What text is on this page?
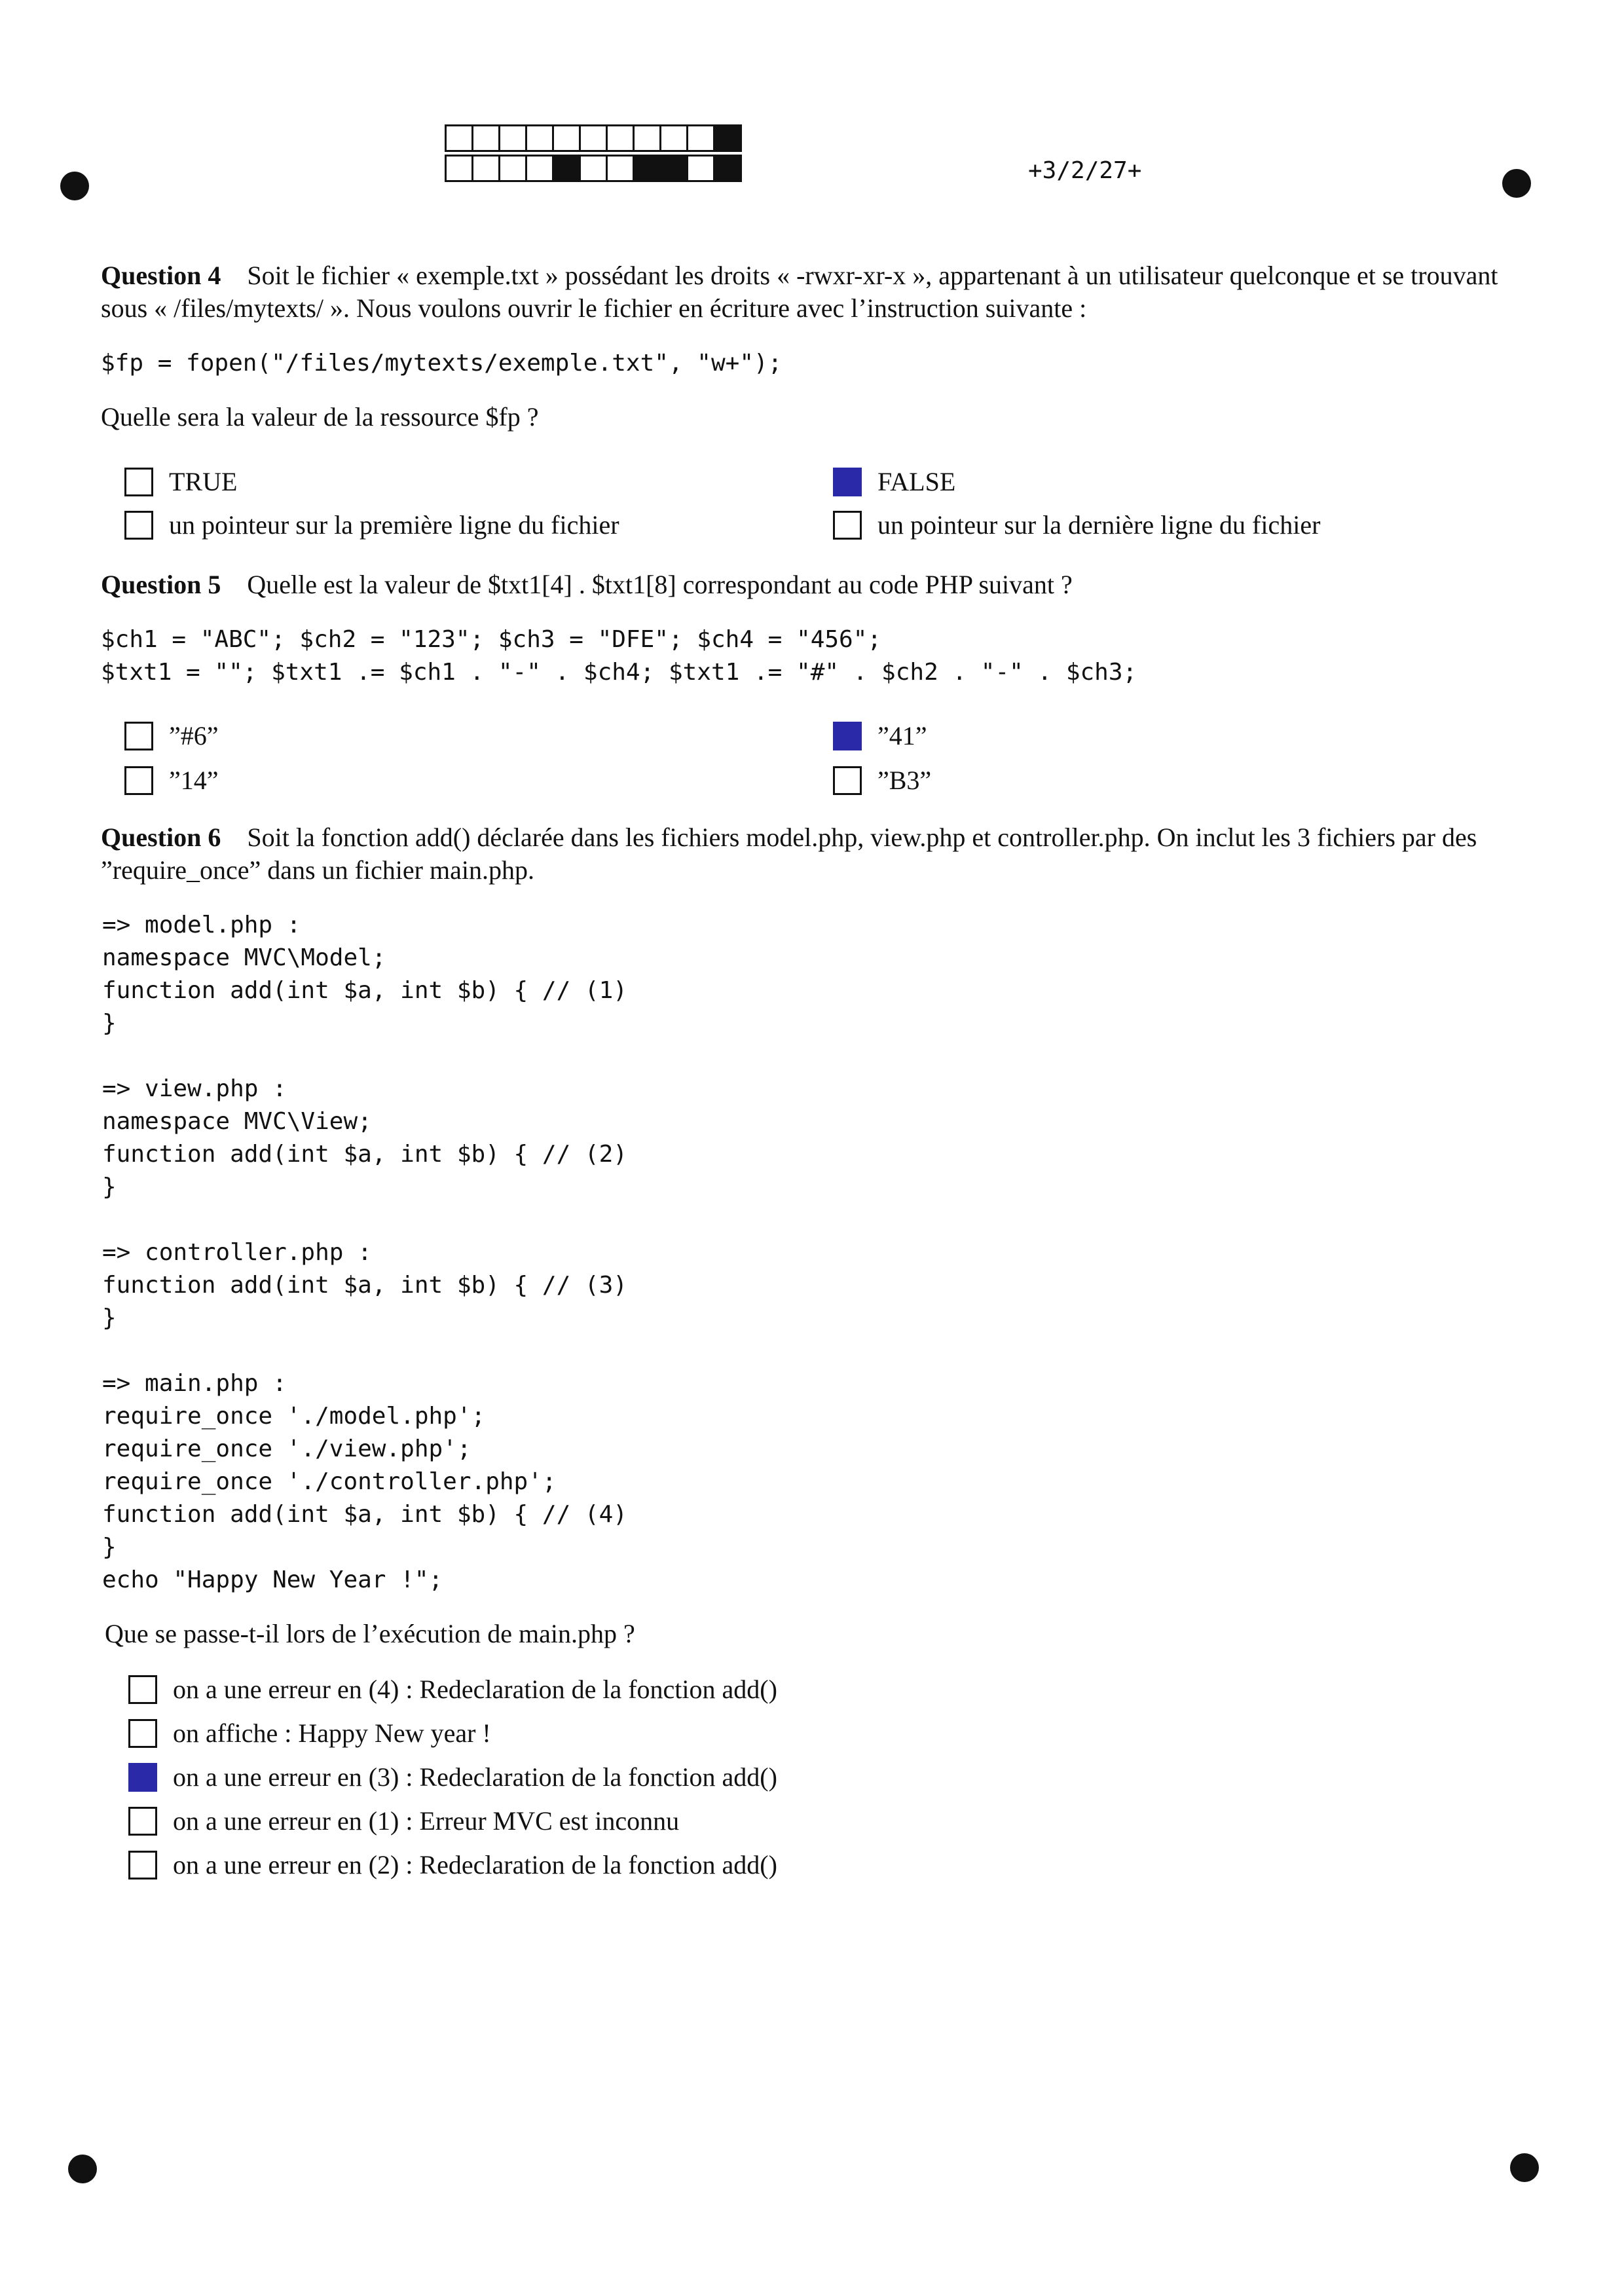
+3/2/27+
Question 4 Soit le fichier « exemple.txt » possédant les droits « -rwxr-xr-x », appartenant à un utilisateur quelconque et se trouvant sous « /files/mytexts/ ». Nous voulons ouvrir le fichier en écriture avec l’instruction suivante :
$fp = fopen("/files/mytexts/exemple.txt", "w+");
Quelle sera la valeur de la ressource $fp ?
TRUE	FALSE
un pointeur sur la première ligne du fichier	un pointeur sur la dernière ligne du fichier
Question 5 Quelle est la valeur de $txt1[4] . $txt1[8] correspondant au code PHP suivant ?
$ch1 = "ABC"; $ch2 = "123"; $ch3 = "DFE"; $ch4 = "456";
$txt1 = ""; $txt1 .= $ch1 . "-" . $ch4; $txt1 .= "#" . $ch2 . "-" . $ch3;
”#6”	”41”
”14”	”B3”
Question 6 Soit la fonction add() déclarée dans les fichiers model.php, view.php et controller.php. On inclut les 3 fichiers par des ”require_once” dans un fichier main.php.
=> model.php :
namespace MVC\Model;
function add(int $a, int $b) { // (1)
}

=> view.php :
namespace MVC\View;
function add(int $a, int $b) { // (2)
}

=> controller.php :
function add(int $a, int $b) { // (3)
}

=> main.php :
require_once './model.php';
require_once './view.php';
require_once './controller.php';
function add(int $a, int $b) { // (4)
}
echo "Happy New Year !";
Que se passe-t-il lors de l’exécution de main.php ?
on a une erreur en (4) : Redeclaration de la fonction add()
on affiche : Happy New year !
on a une erreur en (3) : Redeclaration de la fonction add()
on a une erreur en (1) : Erreur MVC est inconnu
on a une erreur en (2) : Redeclaration de la fonction add()
